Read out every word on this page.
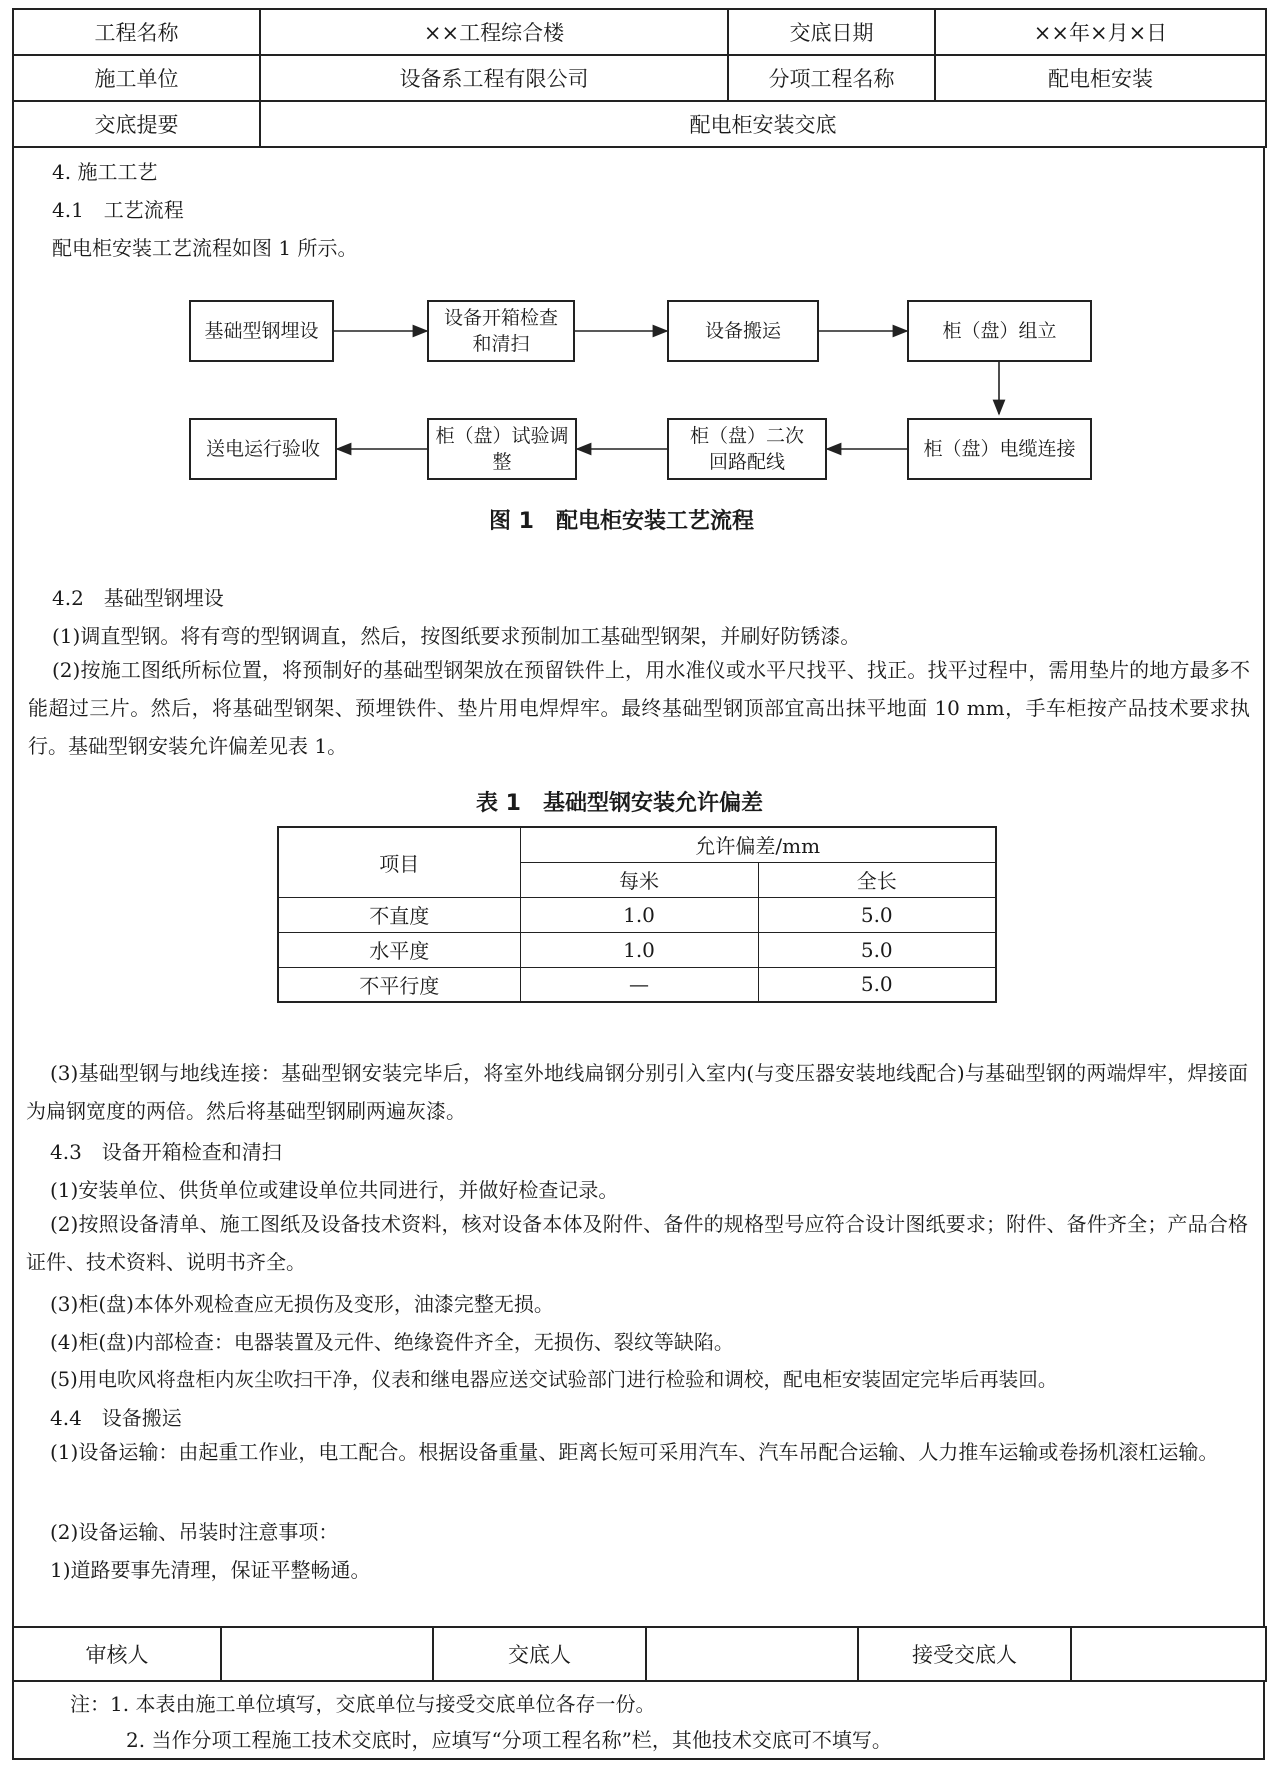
工程名称	××工程综合楼	交底日期	××年×月×日
施工单位	设备系工程有限公司	分项工程名称	配电柜安装
交底提要	配电柜安装交底		
4. 施工工艺
4.1　工艺流程
配电柜安装工艺流程如图 1 所示。
基础型钢埋设
设备开箱检查
和清扫
设备搬运	柜（盘）组立
柜（盘）电缆连接
柜（盘）二次
回路配线
柜（盘）试验调整
送电运行验收
图 1　配电柜安装工艺流程
4.2　基础型钢埋设
(1)调直型钢。将有弯的型钢调直，然后，按图纸要求预制加工基础型钢架，并刷好防锈漆。
(2)按施工图纸所标位置，将预制好的基础型钢架放在预留铁件上，用水准仪或水平尺找平、找正。找平过程中，需用垫片的地方最多不能超过三片。然后，将基础型钢架、预埋铁件、垫片用电焊焊牢。最终基础型钢顶部宜高出抹平地面 10 mm，手车柜按产品技术要求执行。基础型钢安装允许偏差见表 1。
表 1　基础型钢安装允许偏差
项目	允许偏差/mm	
	每米	全长
不直度	1.0	5.0
水平度	1.0	5.0
不平行度	—	5.0
(3)基础型钢与地线连接：基础型钢安装完毕后，将室外地线扁钢分别引入室内(与变压器安装地线配合)与基础型钢的两端焊牢，焊接面为扁钢宽度的两倍。然后将基础型钢刷两遍灰漆。
4.3　设备开箱检查和清扫
(1)安装单位、供货单位或建设单位共同进行，并做好检查记录。
(2)按照设备清单、施工图纸及设备技术资料，核对设备本体及附件、备件的规格型号应符合设计图纸要求；附件、备件齐全；产品合格证件、技术资料、说明书齐全。
(3)柜(盘)本体外观检查应无损伤及变形，油漆完整无损。
(4)柜(盘)内部检查：电器装置及元件、绝缘瓷件齐全，无损伤、裂纹等缺陷。
(5)用电吹风将盘柜内灰尘吹扫干净，仪表和继电器应送交试验部门进行检验和调校，配电柜安装固定完毕后再装回。
4.4　设备搬运
(1)设备运输：由起重工作业，电工配合。根据设备重量、距离长短可采用汽车、汽车吊配合运输、人力推车运输或卷扬机滚杠运输。
(2)设备运输、吊装时注意事项：
1)道路要事先清理，保证平整畅通。
审核人		交底人		接受交底人	
注：1. 本表由施工单位填写，交底单位与接受交底单位各存一份。
2. 当作分项工程施工技术交底时，应填写“分项工程名称”栏，其他技术交底可不填写。
